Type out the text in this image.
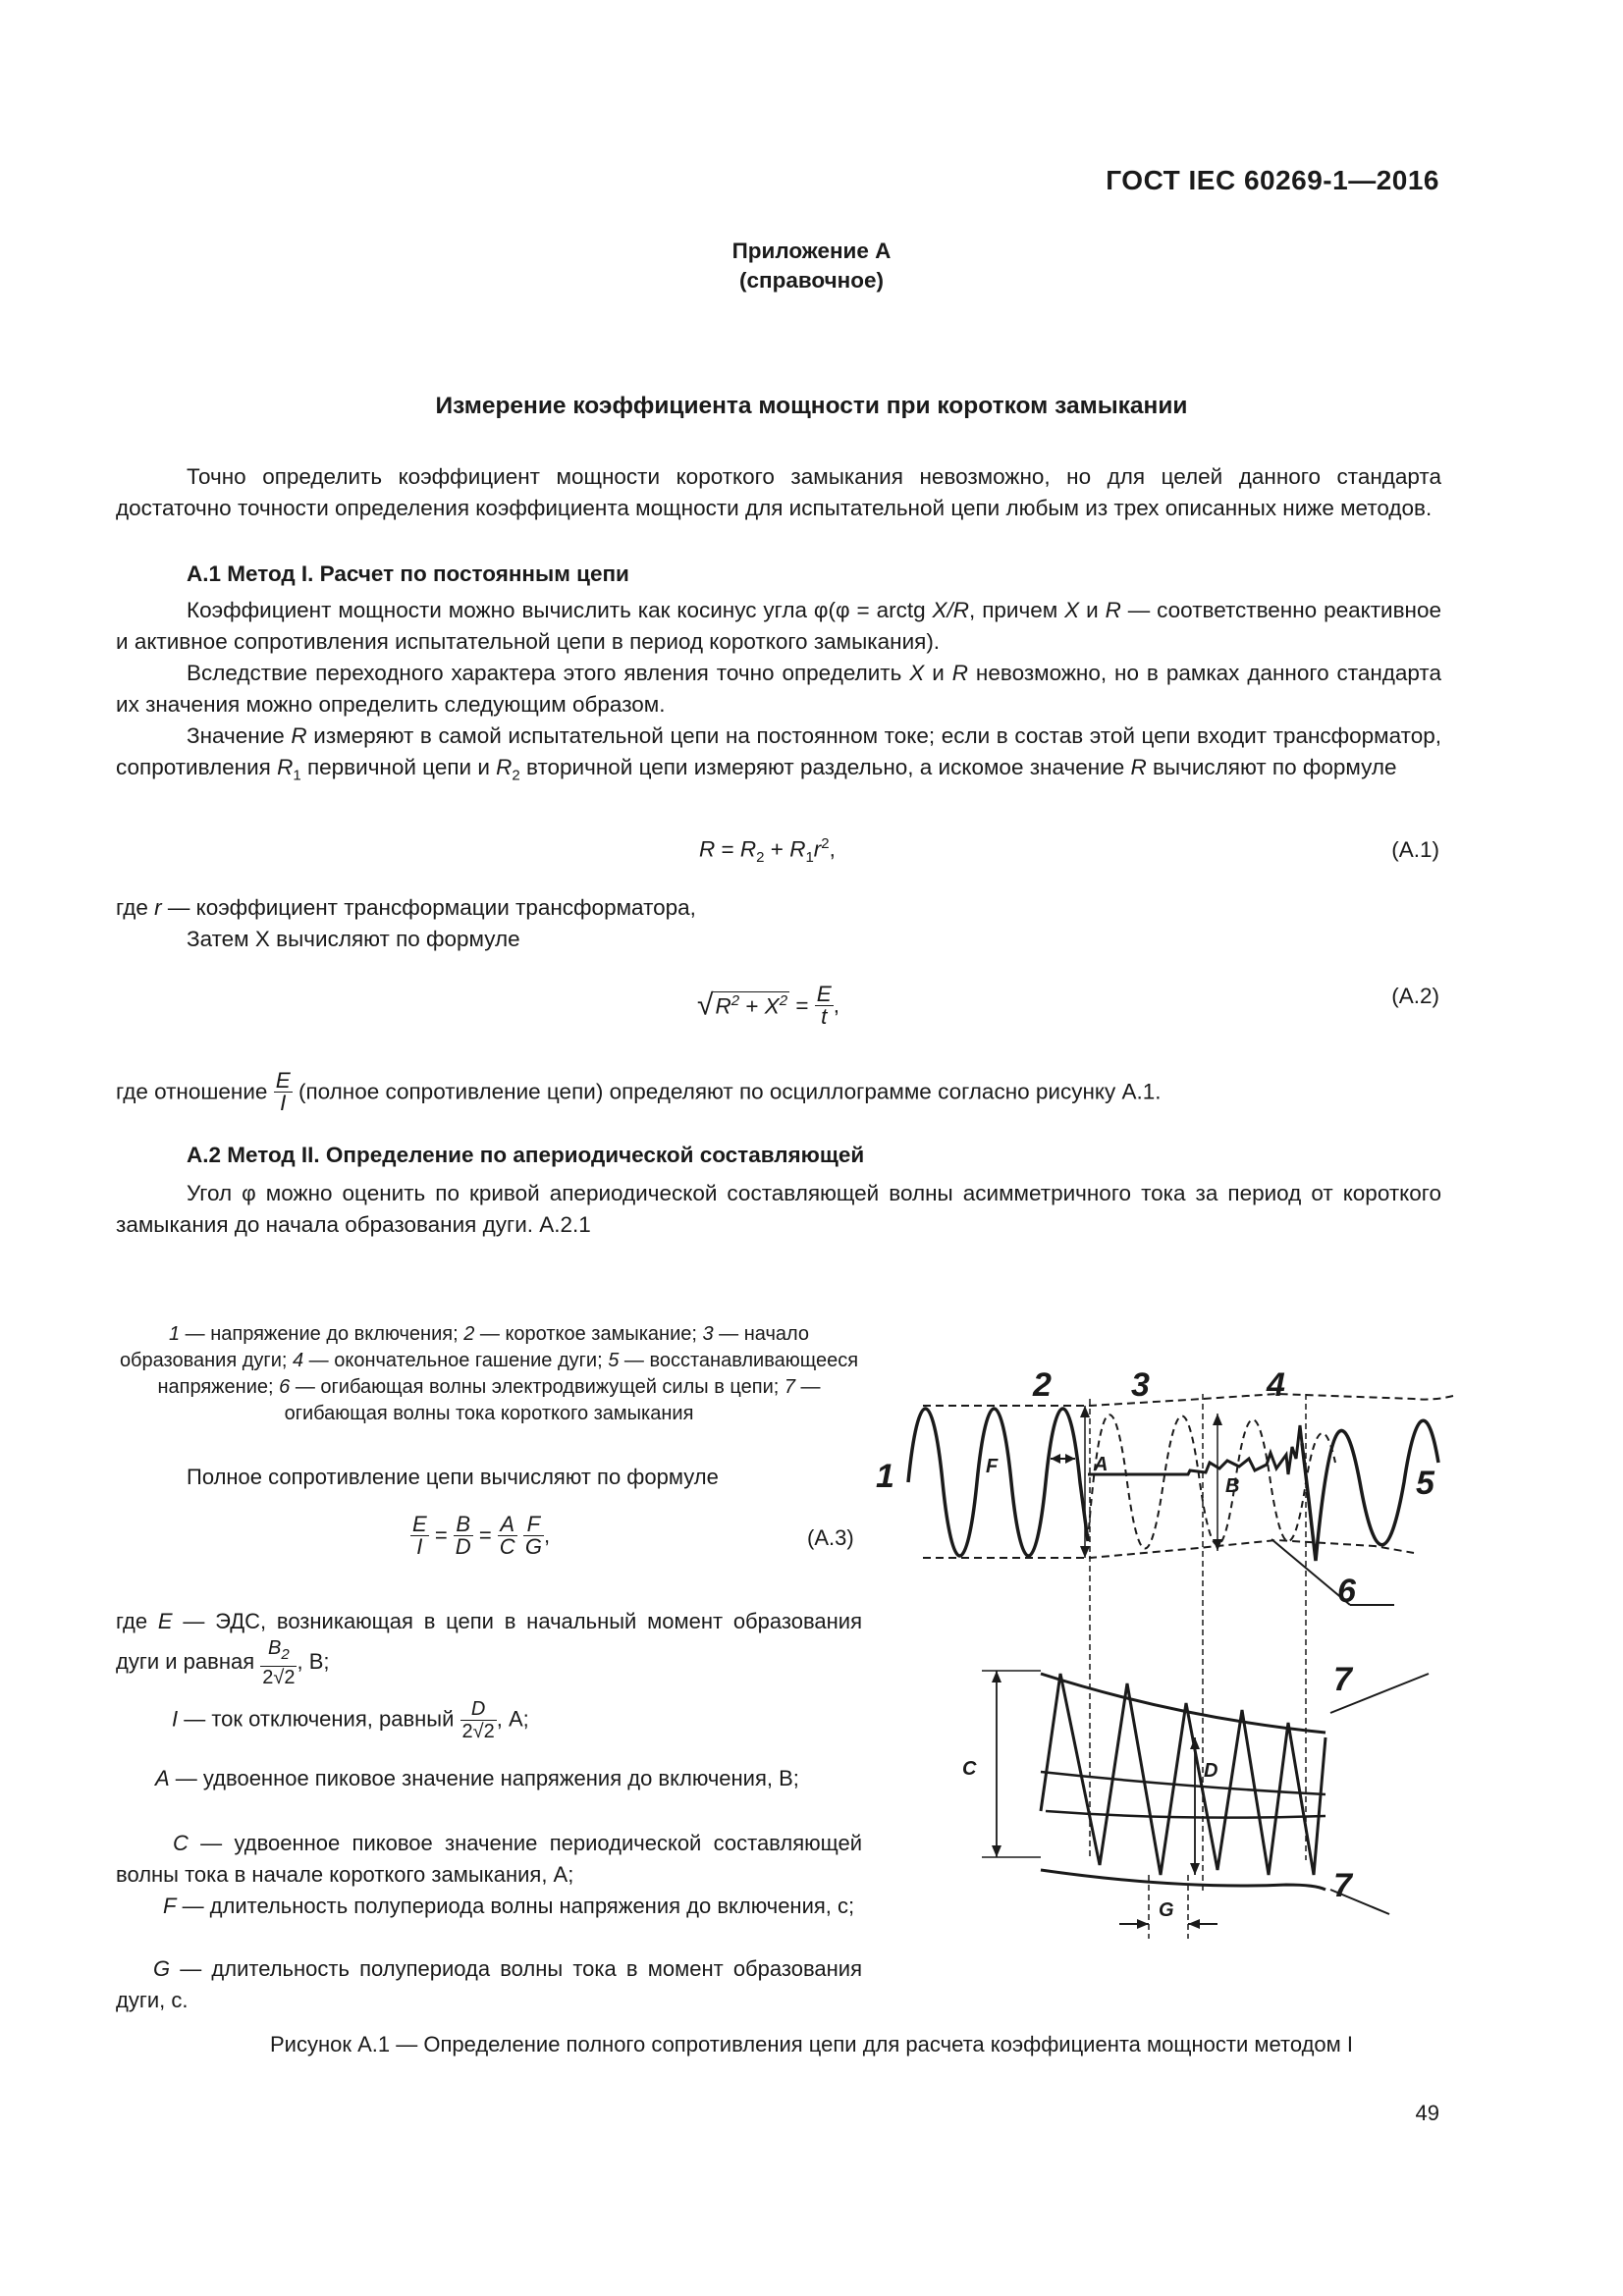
ГОСТ IEC 60269-1—2016
Приложение А
(справочное)
Измерение коэффициента мощности при коротком замыкании
Точно определить коэффициент мощности короткого замыкания невозможно, но для целей данного стандарта достаточно точности определения коэффициента мощности для испытательной цепи любым из трех описанных ниже методов.
А.1 Метод I. Расчет по постоянным цепи
Коэффициент мощности можно вычислить как косинус угла φ(φ = arctg X/R, причем X и R — соответственно реактивное и активное сопротивления испытательной цепи в период короткого замыкания).
Вследствие переходного характера этого явления точно определить X и R невозможно, но в рамках данного стандарта их значения можно определить следующим образом.
Значение R измеряют в самой испытательной цепи на постоянном токе; если в состав этой цепи входит трансформатор, сопротивления $R_1$ первичной цепи и $R_2$ вторичной цепи измеряют раздельно, а искомое значение R вычисляют по формуле
$R = R_2 + R_1r^2$,	(А.1)
где r — коэффициент трансформации трансформатора,
Затем X вычисляют по формуле
$√R^2 + X^2 = \frac{E}{t}$ ,	(А.2)
где отношение $\frac{E}{I}$ (полное сопротивление цепи) определяют по осциллограмме согласно рисунку А.1.
А.2 Метод II. Определение по апериодической составляющей
Угол φ можно оценить по кривой апериодической составляющей волны асимметричного тока за период от короткого замыкания до начала образования дуги. А.2.1
1 — напряжение до включения; 2 — короткое замыкание; 3 — начало образования дуги; 4 — окончательное гашение дуги; 5 — восстанавливающееся напряжение; 6 — огибающая волны электродвижущей силы в цепи; 7 — огибающая волны тока короткого замыкания
Полное сопротивление цепи вычисляют по формуле
$\frac{E}{I} = \frac{B}{D} = \frac{A}{C}$
$\frac{F}{G}$ ,	(А.3)
где E — ЭДС, возникающая в цепи в начальный момент образования дуги и равная $\frac{B_2}{2√2}$ , В;
I — ток отключения, равный $\frac{D}{2√2}$ , А;
A — удвоенное пиковое значение напряжения до включения, В;
C — удвоенное пиковое значение периодической составляющей волны тока в начале короткого замыкания, А;
F — длительность полупериода волны напряжения до включения, с;
G — длительность полупериода волны тока в момент образования дуги, с.
1
2 3	4
5
6
7
7
F	A
B
C	D
G
Рисунок А.1 — Определение полного сопротивления цепи для расчета коэффициента мощности методом I
49
